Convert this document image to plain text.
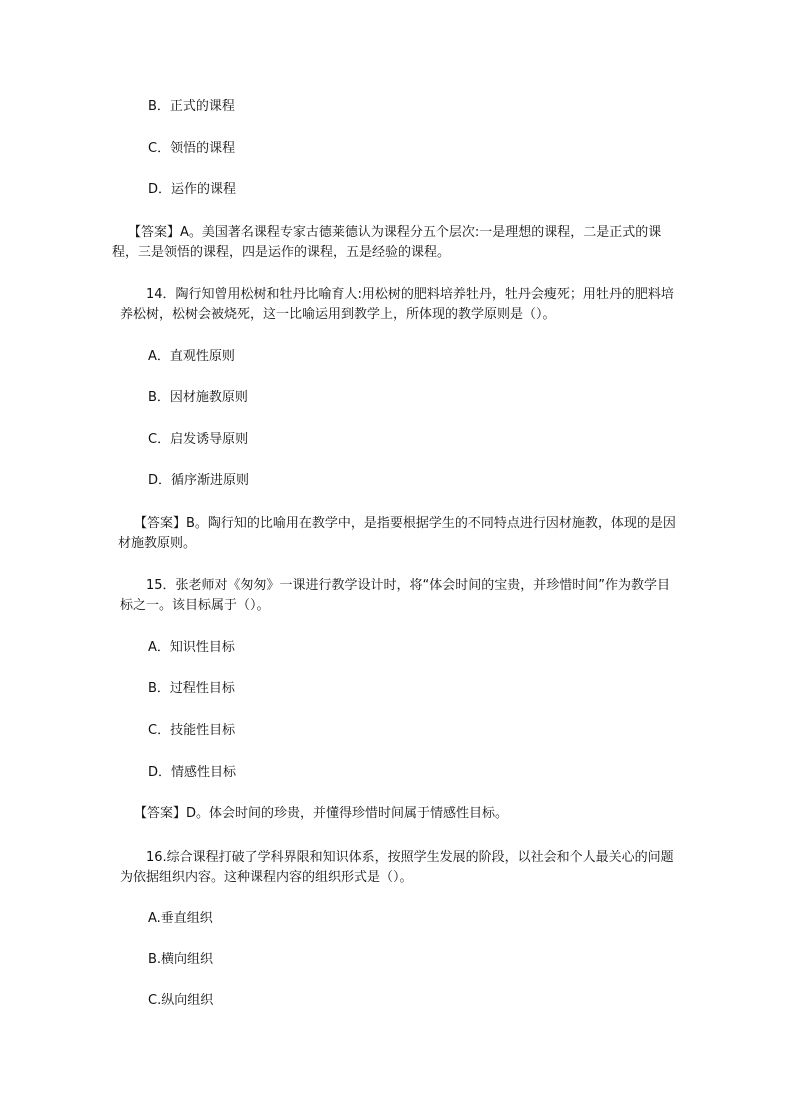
B．正式的课程
C．领悟的课程
D．运作的课程
【答案】A。美国著名课程专家古德莱德认为课程分五个层次:一是理想的课程，二是正式的课程，三是领悟的课程，四是运作的课程，五是经验的课程。
14．陶行知曾用松树和牡丹比喻育人:用松树的肥料培养牡丹，牡丹会瘦死；用牡丹的肥料培养松树，松树会被烧死，这一比喻运用到教学上，所体现的教学原则是（）。
A．直观性原则
B．因材施教原则
C．启发诱导原则
D．循序渐进原则
【答案】B。陶行知的比喻用在教学中，是指要根据学生的不同特点进行因材施教，体现的是因材施教原则。
15．张老师对《匆匆》一课进行教学设计时，将“体会时间的宝贵，并珍惜时间”作为教学目标之一。该目标属于（）。
A．知识性目标
B．过程性目标
C．技能性目标
D．情感性目标
【答案】D。体会时间的珍贵，并懂得珍惜时间属于情感性目标。
16.综合课程打破了学科界限和知识体系，按照学生发展的阶段，以社会和个人最关心的问题为依据组织内容。这种课程内容的组织形式是（）。
A.垂直组织
B.横向组织
C.纵向组织
